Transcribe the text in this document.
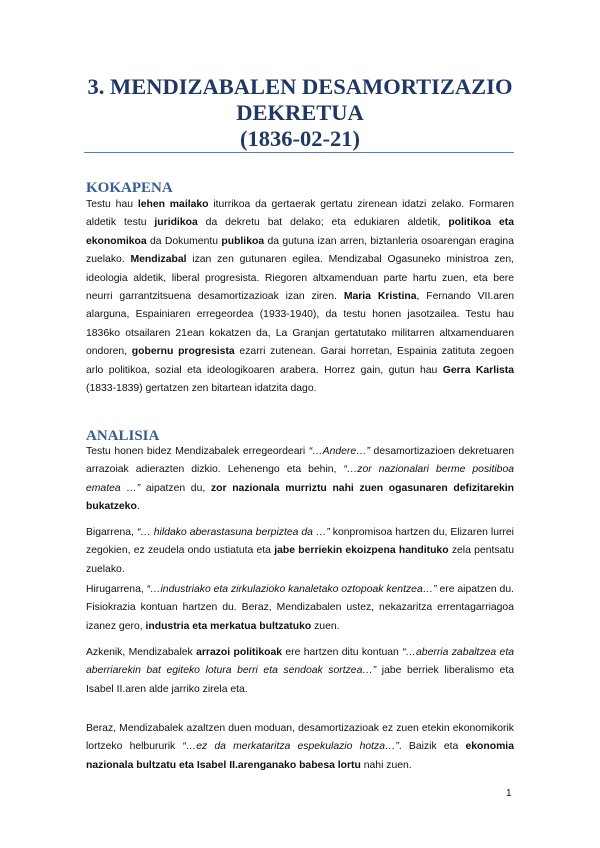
3. MENDIZABALEN DESAMORTIZAZIO
DEKRETUA
(1836-02-21)
KOKAPENA
Testu hau lehen mailako iturrikoa da gertaerak gertatu zirenean idatzi zelako. Formaren aldetik testu juridikoa da dekretu bat delako; eta edukiaren aldetik, politikoa eta ekonomikoa da Dokumentu publikoa da gutuna izan arren, biztanleria osoarengan eragina zuelako. Mendizabal izan zen gutunaren egilea. Mendizabal Ogasuneko ministroa zen, ideologia aldetik, liberal progresista. Riegoren altxamenduan parte hartu zuen, eta bere neurri garrantzitsuena desamortizazioak izan ziren. Maria Kristina, Fernando VII.aren alarguna, Espainiaren erregeordea (1933-1940), da testu honen jasotzailea. Testu hau 1836ko otsailaren 21ean kokatzen da, La Granjan gertatutako militarren altxamenduaren ondoren, gobernu progresista ezarri zutenean. Garai horretan, Espainia zatituta zegoen arlo politikoa, sozial eta ideologikoaren arabera. Horrez gain, gutun hau Gerra Karlista (1833-1839) gertatzen zen bitartean idatzita dago.
ANALISIA
Testu honen bidez Mendizabalek erregeordeari “…Andere…” desamortizazioen dekretuaren arrazoiak adierazten dizkio. Lehenengo eta behin, “…zor nazionalari berme positiboa ematea …” aipatzen du, zor nazionala murriztu nahi zuen ogasunaren defizitarekin bukatzeko.
Bigarrena, “… hildako aberastasuna berpiztea da …” konpromisoa hartzen du, Elizaren lurrei zegokien, ez zeudela ondo ustiatuta eta jabe berriekin ekoizpena handituko zela pentsatu zuelako.
Hirugarrena, “…industriako eta zirkulazioko kanaletako oztopoak kentzea…” ere aipatzen du. Fisiokrazia kontuan hartzen du. Beraz, Mendizabalen ustez, nekazaritza errentagarriagoa izanez gero, industria eta merkatua bultzatuko zuen.
Azkenik, Mendizabalek arrazoi politikoak ere hartzen ditu kontuan “…aberria zabaltzea eta aberriarekin bat egiteko lotura berri eta sendoak sortzea…” jabe berriek liberalismo eta Isabel II.aren alde jarriko zirela eta.
Beraz, Mendizabalek azaltzen duen moduan, desamortizazioak ez zuen etekin ekonomikorik lortzeko helbururik “…ez da merkataritza espekulazio hotza…”. Baizik eta ekonomia nazionala bultzatu eta Isabel II.arenganako babesa lortu nahi zuen.
1
